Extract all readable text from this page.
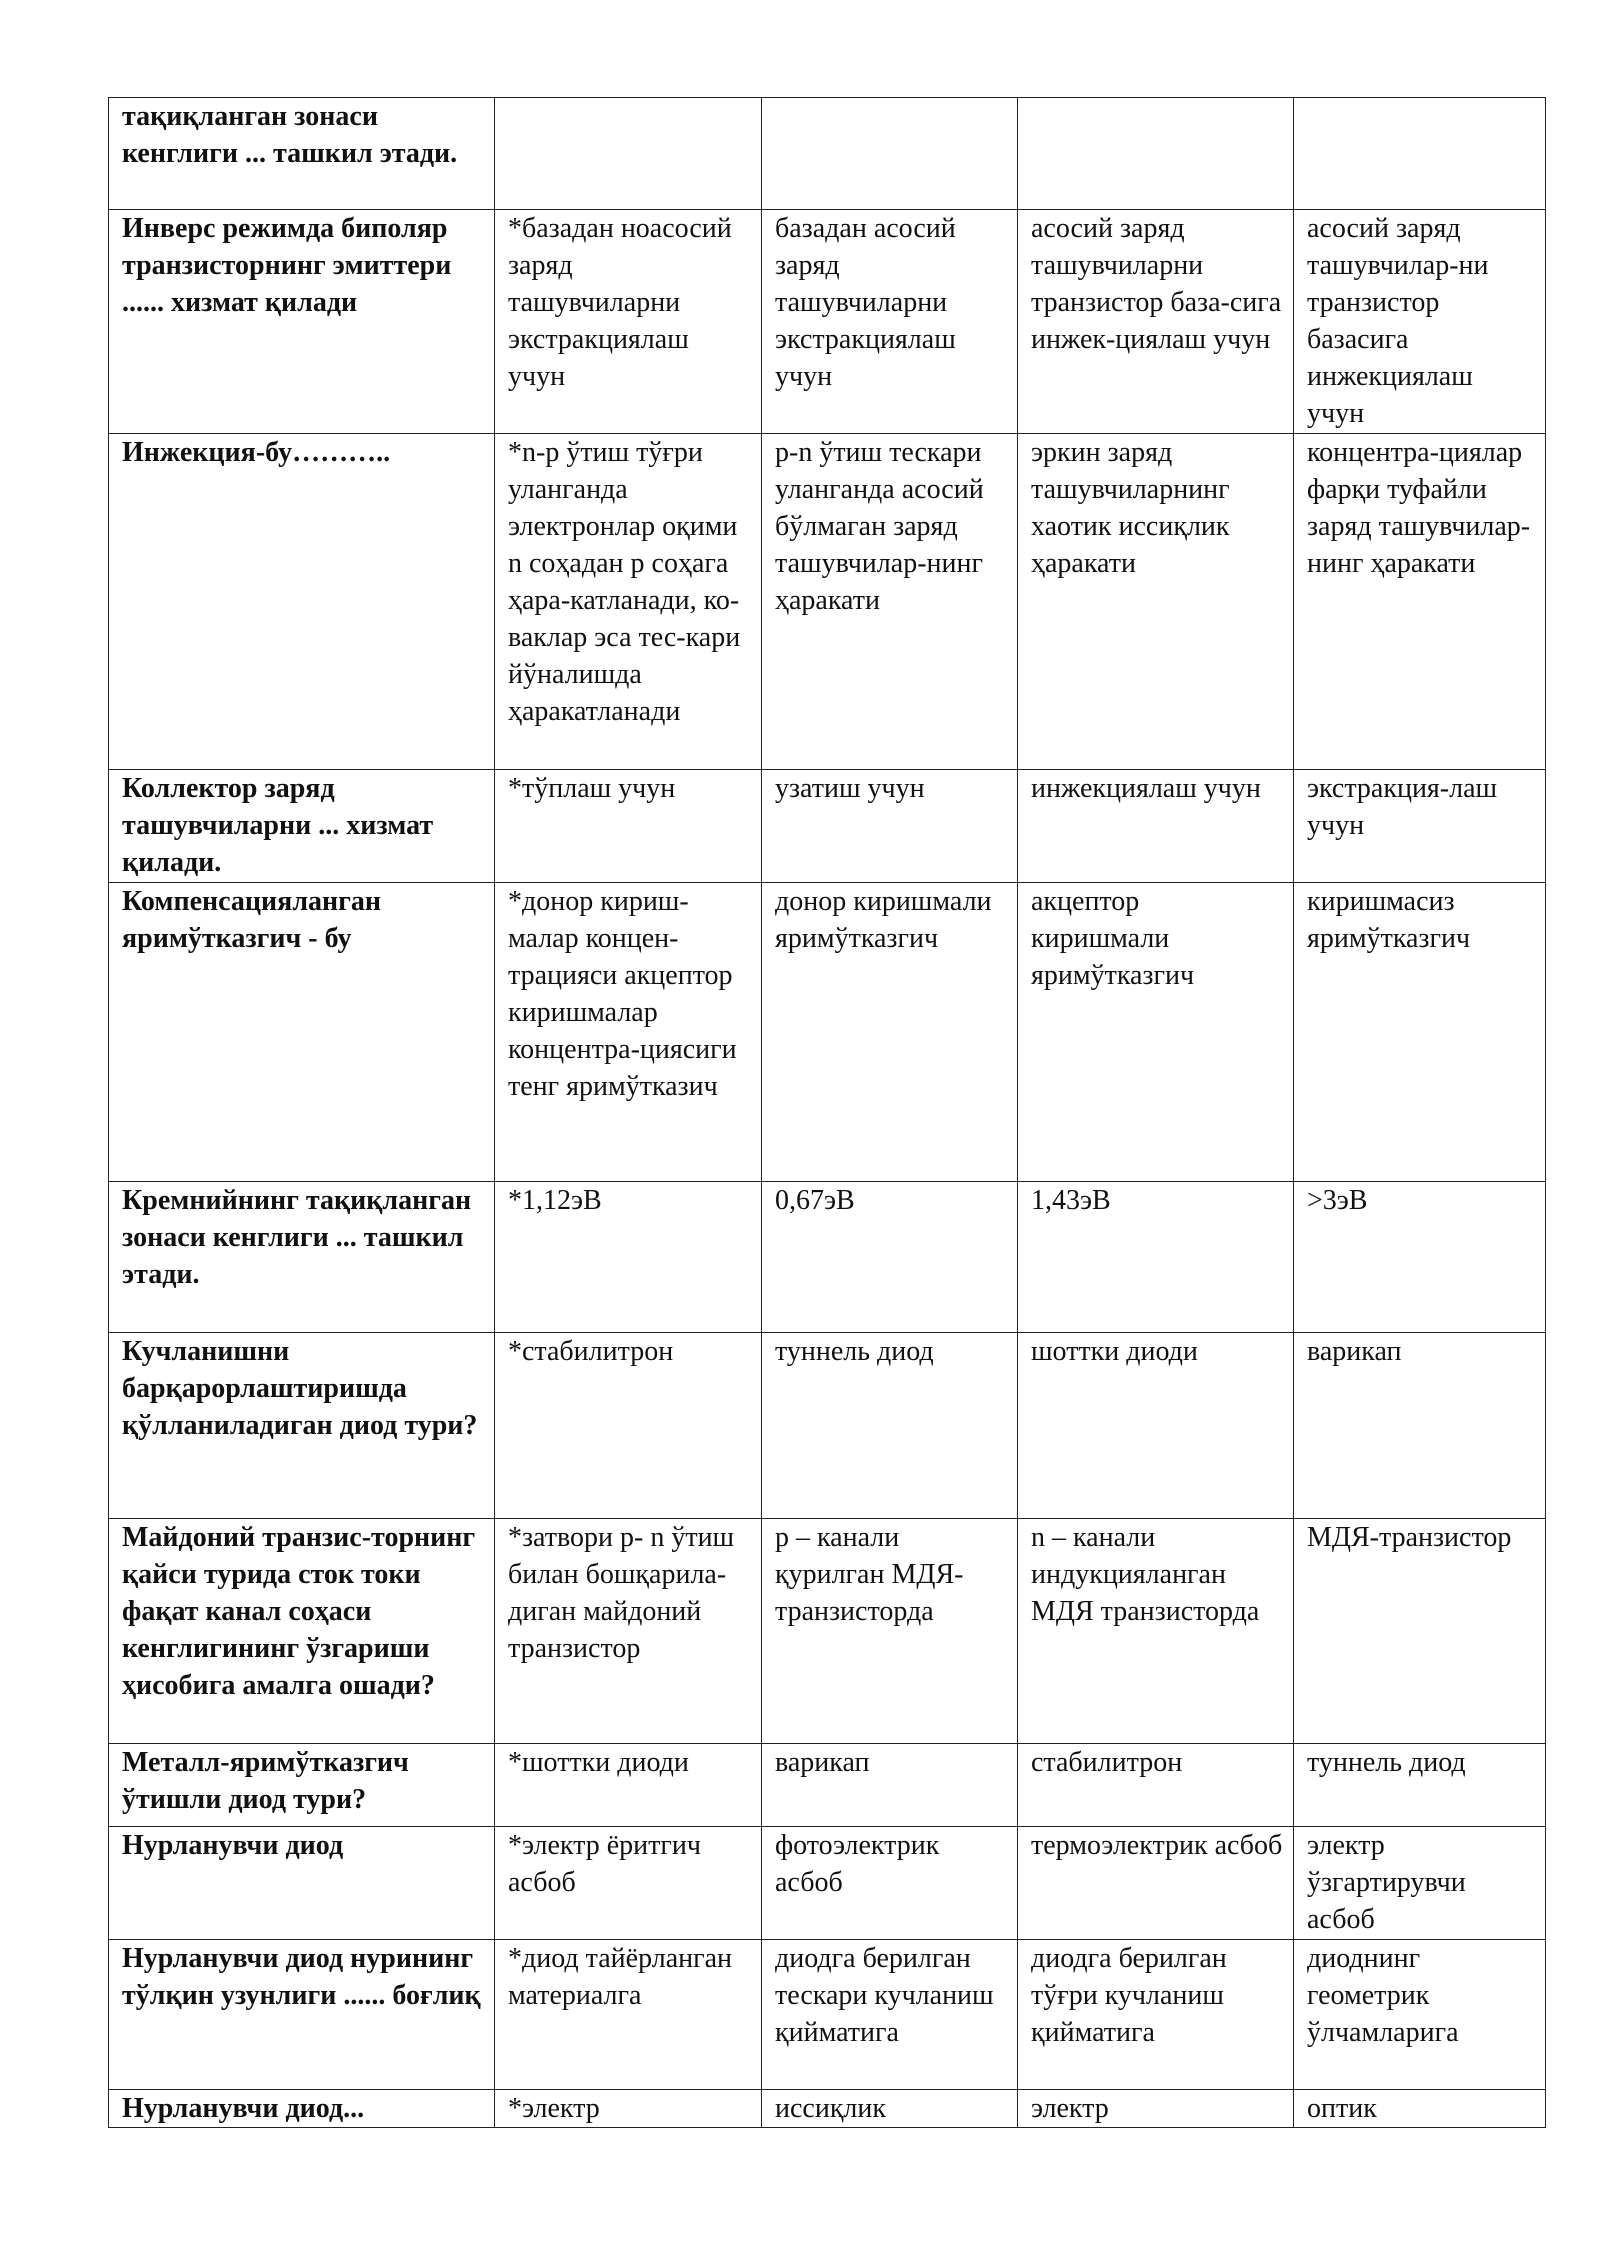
тақиқланган зонаси кенглиги ... ташкил этади.				
Инверс режимда биполяр транзисторнинг эмиттери ...... хизмат қилади	*базадан ноасосий заряд ташувчиларни экстракциялаш учун	базадан асосий заряд ташувчиларни экстракциялаш учун	асосий заряд ташувчиларни транзистор база-сига инжек-циялаш учун	асосий заряд ташувчилар-ни транзистор базасига инжекциялаш учун
Инжекция-бу………..	*n-p ўтиш тўғри уланганда электронлар оқими n соҳадан p соҳага ҳара-катланади, ко-ваклар эса тес-кари йўналишда ҳаракатланади	p-n ўтиш тескари уланганда асосий бўлмаган заряд ташувчилар-нинг ҳаракати	эркин заряд ташувчиларнинг хаотик иссиқлик ҳаракати	концентра-циялар фарқи туфайли заряд ташувчилар-нинг ҳаракати
Коллектор заряд ташувчиларни ... хизмат қилади.	*тўплаш учун	узатиш учун	инжекциялаш учун	экстракция-лаш учун
Компенсацияланган яримўтказгич - бу	*донор кириш-малар концен-трацияси акцептор киришмалар концентра-циясиги тенг яримўтказич	донор киришмали яримўтказгич	акцептор киришмали яримўтказгич	киришмасиз яримўтказгич
Кремнийнинг тақиқланган зонаси кенглиги ... ташкил этади.	*1,12эВ	0,67эВ	1,43эВ	>3эВ
Кучланишни барқарорлаштиришда қўлланиладиган диод тури?	*стабилитрон	туннель диод	шоттки диоди	варикап
Майдоний транзис-торнинг қайси турида сток токи фақат канал соҳаси кенглигининг ўзгариши ҳисобига амалга ошади?	*затвори p- n ўтиш билан бошқарила-диган майдоний транзистор	p – канали қурилган МДЯ-транзисторда	n – канали индукцияланган МДЯ транзисторда	МДЯ-транзистор
Металл-яримўтказгич ўтишли диод тури?	*шоттки диоди	варикап	стабилитрон	туннель диод
Нурланувчи диод	*электр ёритгич асбоб	фотоэлектрик асбоб	термоэлектрик асбоб	электр ўзгартирувчи асбоб
Нурланувчи диод нурининг тўлқин узунлиги ...... боғлиқ	*диод тайёрланган материалга	диодга берилган тескари кучланиш қийматига	диодга берилган тўғри кучланиш қийматига	диоднинг геометрик ўлчамларига
Нурланувчи диод...	*электр	иссиқлик	электр	оптик
